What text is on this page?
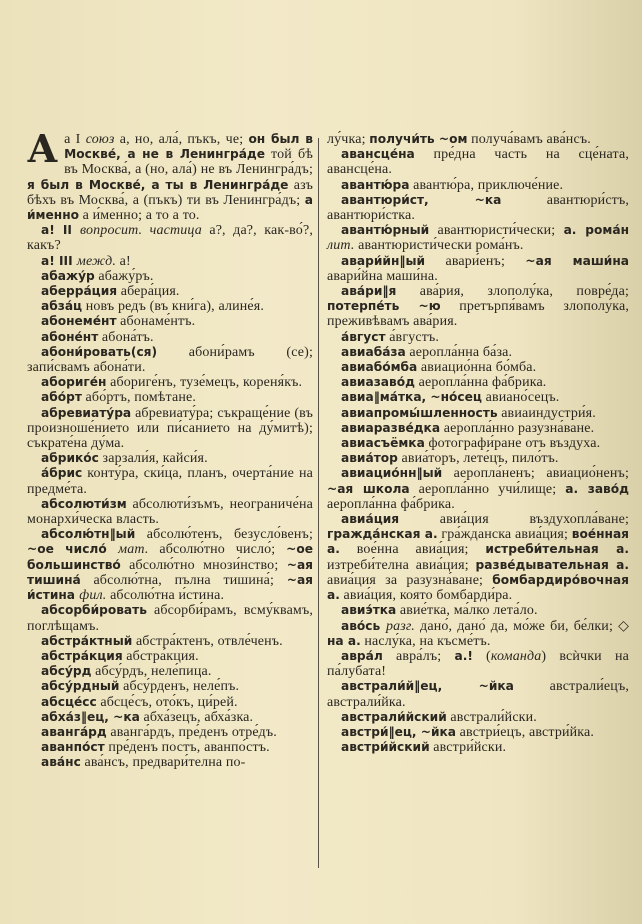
Аа I союз а, но, ала́, пъкъ, че; он был в Москве́, а не в Ленингра́де той бѣ въ Москва́, а (но, ала́) не въ Ленингра́дъ; я был в Москве́, а ты в Ленингра́де азъ бѣхъ въ Москва́, а (пъкъ) ти въ Ленингра́дъ; а и́менно а и́менно; а то а то.

а! II вопросит. частица а?, да?, как-во́?, какъ?

а! III межд. а!

абажу́р абажу́ръ.

аберра́ция абера́ция.

абза́ц новъ редъ (въ кни́га), алине́я.

абонеме́нт абонаме́нтъ.

абоне́нт абона́тъ.

абони́ровать(ся) абони́рамъ (се); запи́свамъ абона́ти.

абориге́н абориге́нъ, тузе́мецъ, кореня́къ.

або́рт або́ртъ, помѣтане.

абревиату́ра абревиату́ра; съкраще́ние (въ произноше́нието или пи́санието на ду́митѣ); съкрате́на ду́ма.

абрико́с зарзали́я, кайси́я.

а́брис конту́ра, ски́ца, планъ, очерта́ние на предме́та.

абсолюти́зм абсолюти́зъмъ, неограниче́на монархи́ческа власть.

абсолю́тн‖ый абсолю́тенъ, безусло́венъ; ~ое число́ мат. абсолю́тно число́; ~ое большинство́ абсолю́тно мнози́нство; ~ая тишина́ абсолю́тна, пълна тишина́; ~ая и́стина фил. абсолю́тна и́стина.

абсорби́ровать абсорби́рамъ, всму́квамъ, поглѣщамъ.

абстра́ктный абстра́ктенъ, отвле́ченъ.

абстра́кция абстра́кция.

абсу́рд абсу́рдъ, неле́пица.

абсу́рдный абсу́рденъ, неле́пъ.

абсце́сс абсце́съ, ото́къ, ци́рей.

абха́з‖ец, ~ка абха́зецъ, абха́зка.

аванга́рд аванга́рдъ, пре́денъ отре́дъ.

аванпо́ст пре́денъ постъ, аванпо́стъ.

ава́нс ава́нсъ, предвари́телна по-

лу́чка; получи́ть ~ом получа́вамъ ава́нсъ.

авансце́на пре́дна часть на сце́ната, авансце́на.

авантю́ра авантю́ра, приключе́ние.

авантюри́ст, ~ка авантюри́стъ, авантюри́стка.

авантю́рный авантюристи́чески; а. рома́н лит. авантюристи́чески рома́нъ.

авари́йн‖ый авари́енъ; ~ая маши́на авари́йна маши́на.

ава́ри‖я ава́рия, злополу́ка, повре́да; потерпе́ть ~ю претърпя́вамъ злополу́ка, преживѣвамъ ава́рия.

а́вгуст а́вгустъ.

авиаба́за аеропла́нна ба́за.

авиабо́мба авиацио́нна бо́мба.

авиазаво́д аеропла́нна фа́брика.

авиа‖ма́тка, ~но́сец авиано́сецъ.

авиапромы́шленность авиаиндустри́я.

авиаразве́дка аеропла́нно разузна́ване.

авиасъёмка фотографи́ране отъ въздуха.

авиа́тор авиа́торъ, лете́цъ, пило́тъ.

авиацио́нн‖ый аеропла́ненъ; авиацио́ненъ; ~ая школа аеропла́нно учи́лище; а. заво́д аеропла́нна фа́брика.

авиа́ция авиа́ция въздухопла́ване; гражда́нская а. гра́жданска авиа́ция; вое́нная а. вое́нна авиа́ция; истреби́тельная а. изтреби́телна авиа́ция; разве́дывательная а. авиа́ция за разузна́ване; бомбардиро́вочная а. авиа́ция, която бомбарди́ра.

авиэ́тка авие́тка, ма́лко лета́ло.

аво́сь разг. дано́, дано́ да, мо́же би, бе́лки; ◇ на а. наслу́ка, на късме́тъ.

авра́л авра́лъ; а.! (команда) всѝчки на па́лубата!

австрали́й‖ец, ~йка австрали́ецъ, австрали́йка.

австрали́йский австрали́йски.

австри́‖ец, ~йка австри́ецъ, австри́йка.

австри́йский австри́йски.
